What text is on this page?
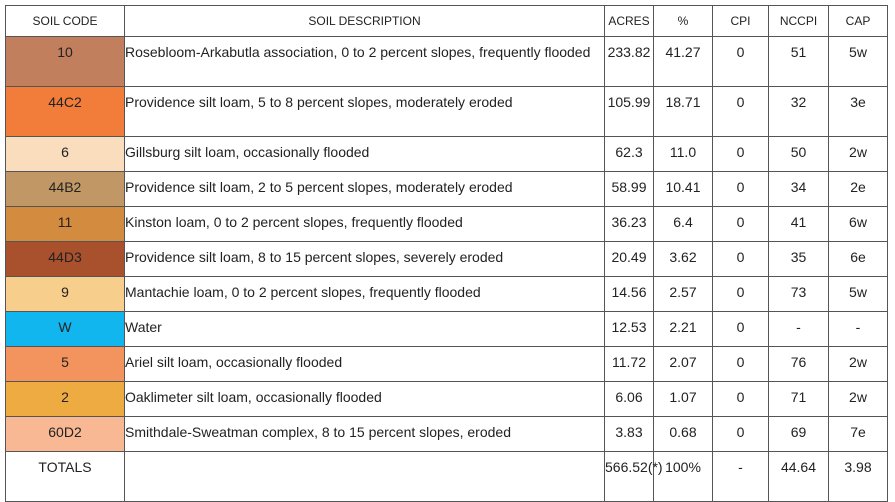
SOIL CODE	SOIL DESCRIPTION	ACRES	%	CPI	NCCPI	CAP
10	Rosebloom-Arkabutla association, 0 to 2 percent slopes, frequently flooded	233.82	41.27	0	51	5w
44C2	Providence silt loam, 5 to 8 percent slopes, moderately eroded	105.99	18.71	0	32	3e
6	Gillsburg silt loam, occasionally flooded	62.3	11.0	0	50	2w
44B2	Providence silt loam, 2 to 5 percent slopes, moderately eroded	58.99	10.41	0	34	2e
11	Kinston loam, 0 to 2 percent slopes, frequently flooded	36.23	6.4	0	41	6w
44D3	Providence silt loam, 8 to 15 percent slopes, severely eroded	20.49	3.62	0	35	6e
9	Mantachie loam, 0 to 2 percent slopes, frequently flooded	14.56	2.57	0	73	5w
W	Water	12.53	2.21	0	-	-
5	Ariel silt loam, occasionally flooded	11.72	2.07	0	76	2w
2	Oaklimeter silt loam, occasionally flooded	6.06	1.07	0	71	2w
60D2	Smithdale-Sweatman complex, 8 to 15 percent slopes, eroded	3.83	0.68	0	69	7e
TOTALS		566.52(*)	100%	-	44.64	3.98
